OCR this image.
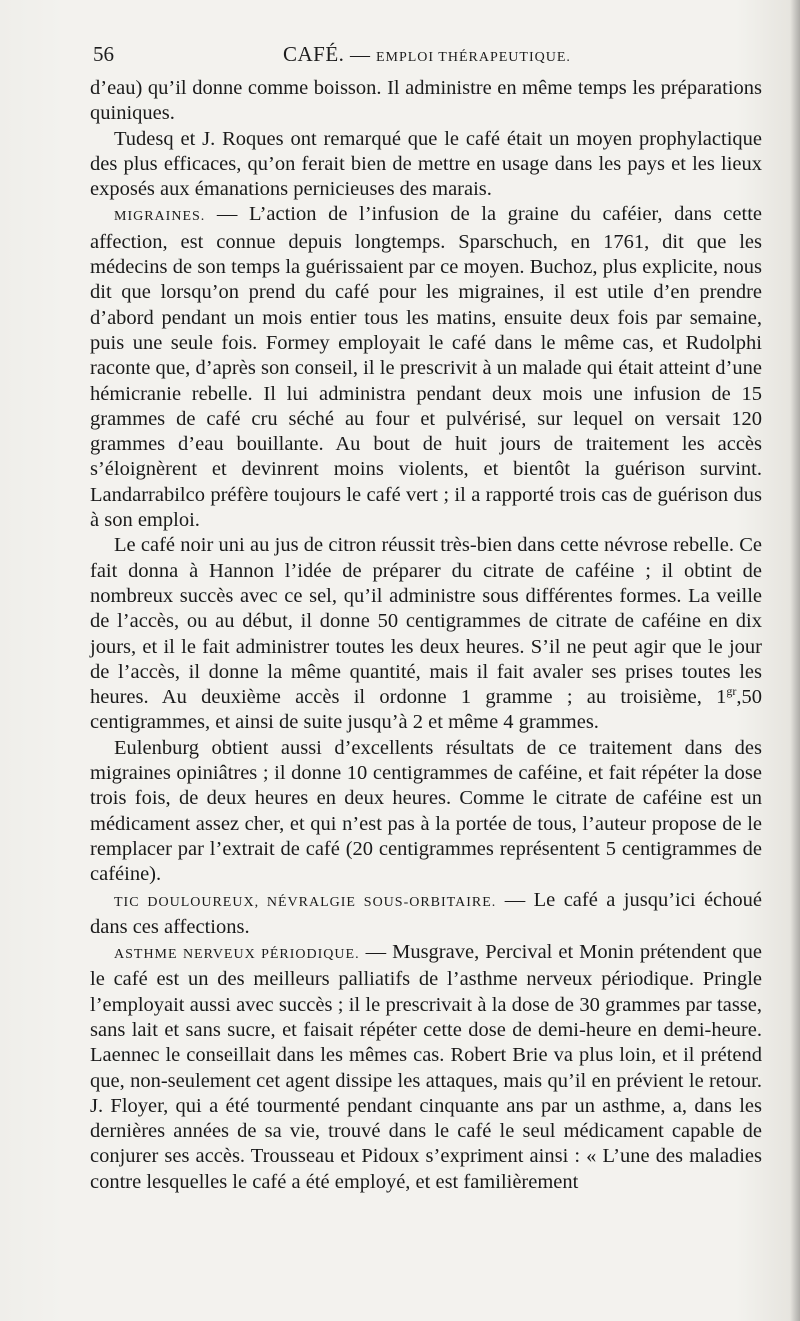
56	CAFÉ. — EMPLOI THÉRAPEUTIQUE.

d’eau) qu’il donne comme boisson. Il administre en même temps les préparations quiniques.

Tudesq et J. Roques ont remarqué que le café était un moyen prophylactique des plus efficaces, qu’on ferait bien de mettre en usage dans les pays et les lieux exposés aux émanations pernicieuses des marais.

MIGRAINES. — L’action de l’infusion de la graine du caféier, dans cette affection, est connue depuis longtemps. Sparschuch, en 1761, dit que les médecins de son temps la guérissaient par ce moyen. Buchoz, plus explicite, nous dit que lorsqu’on prend du café pour les migraines, il est utile d’en prendre d’abord pendant un mois entier tous les matins, ensuite deux fois par semaine, puis une seule fois. Formey employait le café dans le même cas, et Rudolphi raconte que, d’après son conseil, il le prescrivit à un malade qui était atteint d’une hémicranie rebelle. Il lui administra pendant deux mois une infusion de 15 grammes de café cru séché au four et pulvérisé, sur lequel on versait 120 grammes d’eau bouillante. Au bout de huit jours de traitement les accès s’éloignèrent et devinrent moins violents, et bientôt la guérison survint. Landarrabilco préfère toujours le café vert ; il a rapporté trois cas de guérison dus à son emploi.

Le café noir uni au jus de citron réussit très-bien dans cette névrose rebelle. Ce fait donna à Hannon l’idée de préparer du citrate de caféine ; il obtint de nombreux succès avec ce sel, qu’il administre sous différentes formes. La veille de l’accès, ou au début, il donne 50 centigrammes de citrate de caféine en dix jours, et il le fait administrer toutes les deux heures. S’il ne peut agir que le jour de l’accès, il donne la même quantité, mais il fait avaler ses prises toutes les heures. Au deuxième accès il ordonne 1 gramme ; au troisième, $1^{gr},50$ centigrammes, et ainsi de suite jusqu’à 2 et même 4 grammes.

Eulenburg obtient aussi d’excellents résultats de ce traitement dans des migraines opiniâtres ; il donne 10 centigrammes de caféine, et fait répéter la dose trois fois, de deux heures en deux heures. Comme le citrate de caféine est un médicament assez cher, et qui n’est pas à la portée de tous, l’auteur propose de le remplacer par l’extrait de café (20 centigrammes représentent 5 centigrammes de caféine).

TIC DOULOUREUX, NÉVRALGIE SOUS-ORBITAIRE. — Le café a jusqu’ici échoué dans ces affections.

ASTHME NERVEUX PÉRIODIQUE. — Musgrave, Percival et Monin prétendent que le café est un des meilleurs palliatifs de l’asthme nerveux périodique. Pringle l’employait aussi avec succès ; il le prescrivait à la dose de 30 grammes par tasse, sans lait et sans sucre, et faisait répéter cette dose de demi-heure en demi-heure. Laennec le conseillait dans les mêmes cas. Robert Brie va plus loin, et il prétend que, non-seulement cet agent dissipe les attaques, mais qu’il en prévient le retour. J. Floyer, qui a été tourmenté pendant cinquante ans par un asthme, a, dans les dernières années de sa vie, trouvé dans le café le seul médicament capable de conjurer ses accès. Trousseau et Pidoux s’expriment ainsi : « L’une des maladies contre lesquelles le café a été employé, et est familièrement
